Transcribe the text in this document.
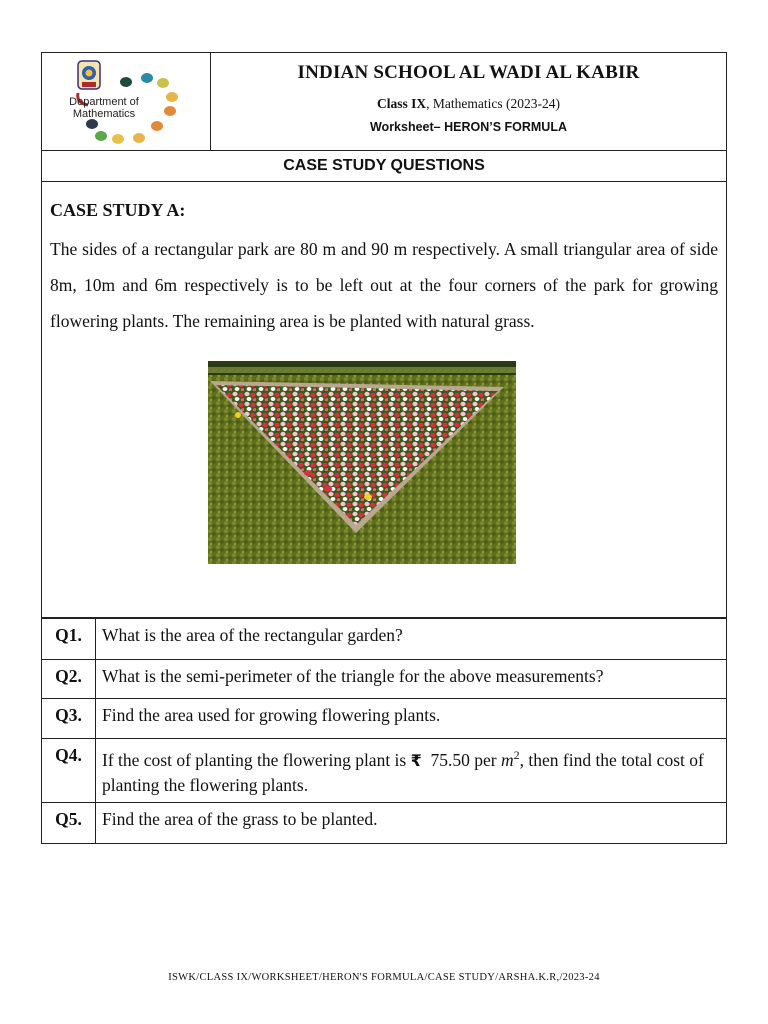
Department of
Mathematics
INDIAN SCHOOL AL WADI AL KABIR
Class IX, Mathematics (2023-24)
Worksheet– HERON’S FORMULA
CASE STUDY QUESTIONS
CASE STUDY A:
The sides of a rectangular park are 80 m and 90 m respectively. A small triangular area of side 8m, 10m and 6m respectively is to be left out at the four corners of the park for growing flowering plants. The remaining area is be planted with natural grass.
Q1.	What is the area of the rectangular garden?
Q2.	What is the semi-perimeter of the triangle for the above measurements?
Q3.	Find the area used for growing flowering plants.
Q4.	If the cost of planting the flowering plant is ₹  75.50 per $m^2$, then find the total cost of planting the flowering plants.
Q5.	Find the area of the grass to be planted.
ISWK/CLASS IX/WORKSHEET/HERON'S FORMULA/CASE STUDY/ARSHA.K.R,/2023-24
